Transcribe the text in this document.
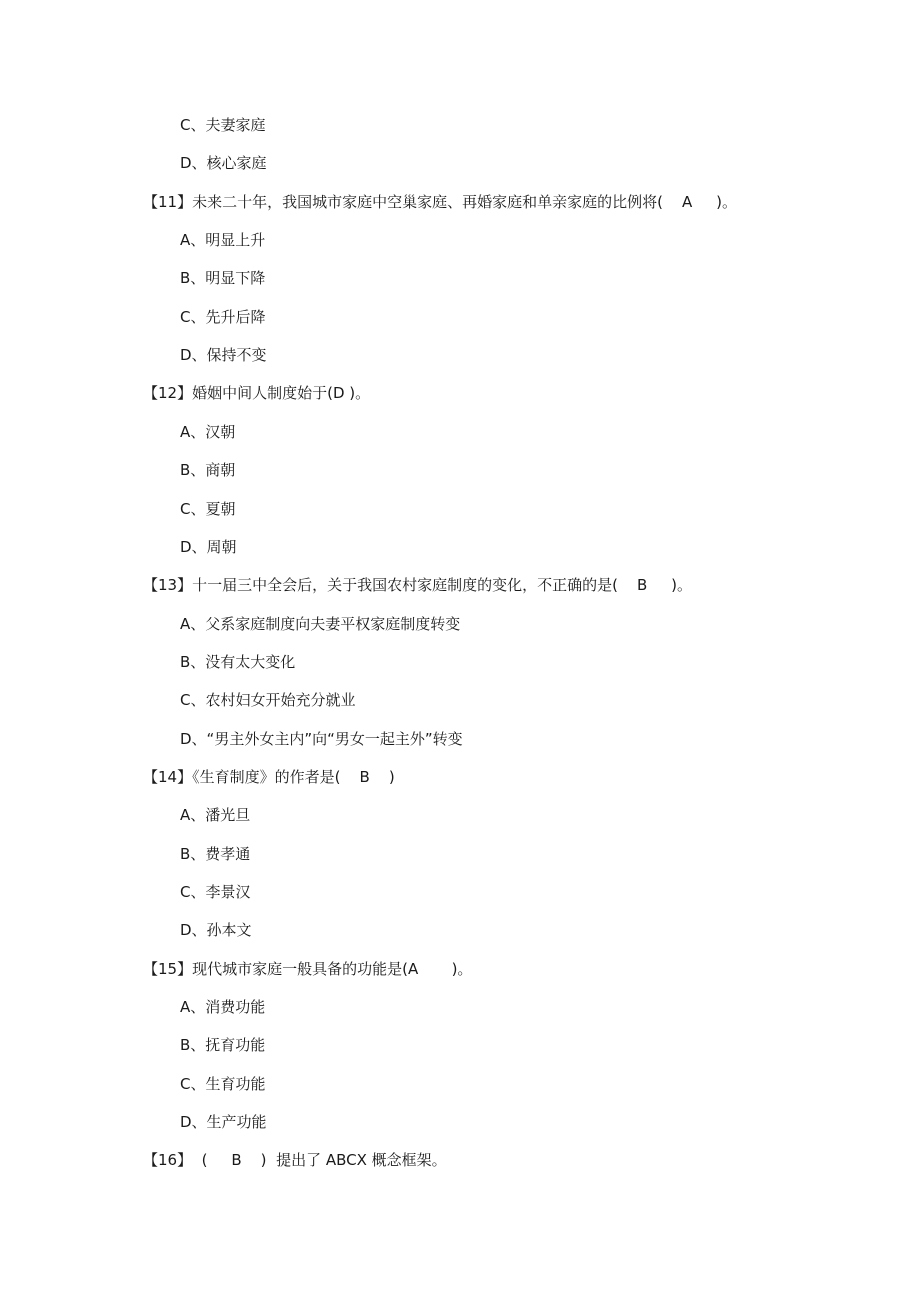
C、夫妻家庭
D、核心家庭
【11】未来二十年，我国城市家庭中空巢家庭、再婚家庭和单亲家庭的比例将(    A     )。
A、明显上升
B、明显下降
C、先升后降
D、保持不变
【12】婚姻中间人制度始于(D )。
A、汉朝
B、商朝
C、夏朝
D、周朝
【13】十一届三中全会后，关于我国农村家庭制度的变化，不正确的是(    B     )。
A、父系家庭制度向夫妻平权家庭制度转变
B、没有太大变化
C、农村妇女开始充分就业
D、“男主外女主内”向“男女一起主外”转变
【14】《生育制度》的作者是(    B    )
A、潘光旦
B、费孝通
C、李景汉
D、孙本文
【15】现代城市家庭一般具备的功能是(A       )。
A、消费功能
B、抚育功能
C、生育功能
D、生产功能
【16】  (     B    )  提出了 ABCX 概念框架。
